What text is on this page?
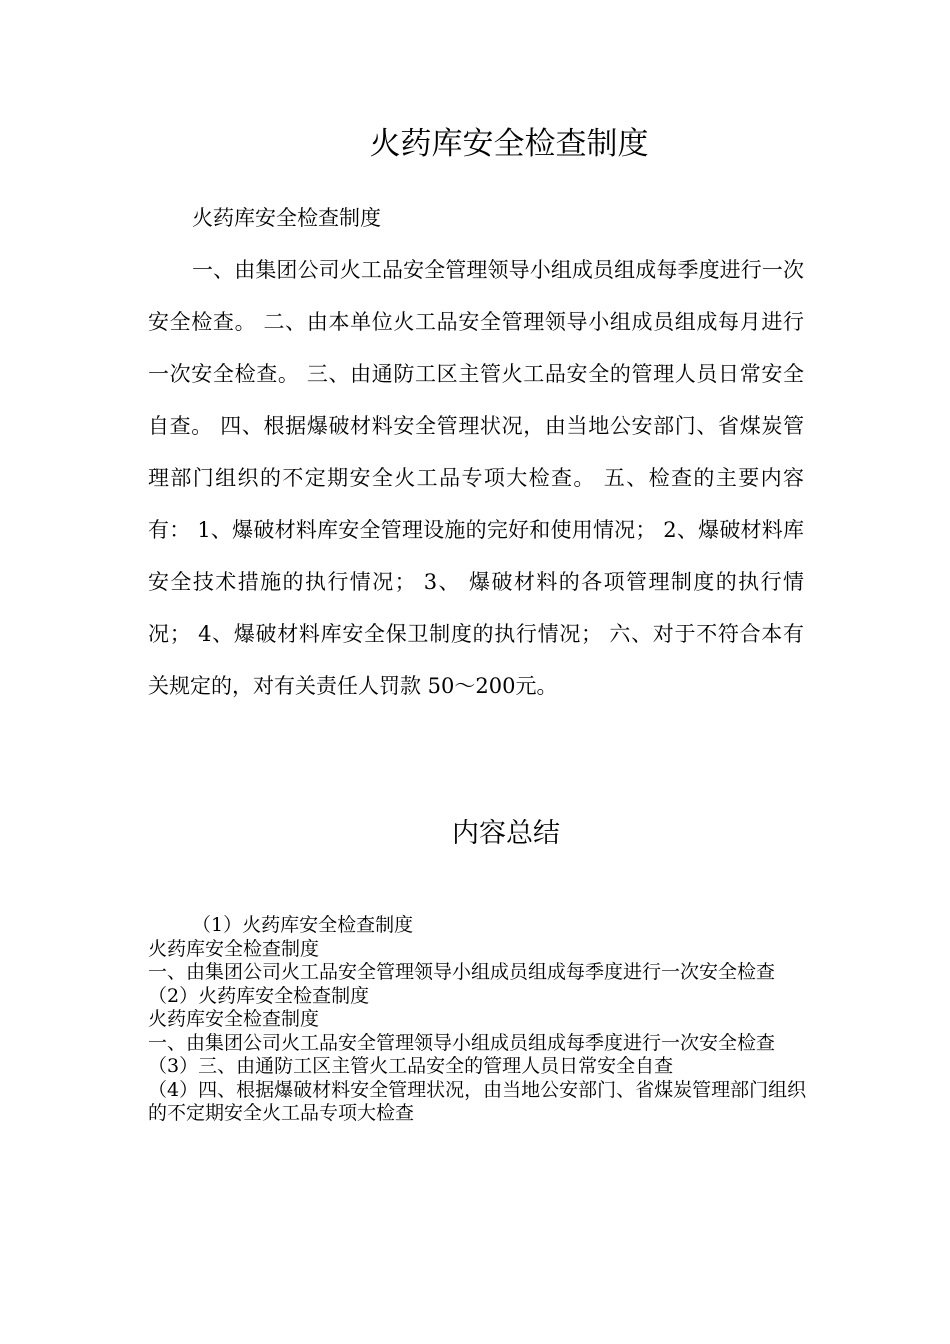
火药库安全检查制度

火药库安全检查制度

一、由集团公司火工品安全管理领导小组成员组成每季度进行一次安全检查。 二、由本单位火工品安全管理领导小组成员组成每月进行一次安全检查。 三、由通防工区主管火工品安全的管理人员日常安全自查。 四、根据爆破材料安全管理状况，由当地公安部门、省煤炭管理部门组织的不定期安全火工品专项大检查。 五、检查的主要内容有： 1、爆破材料库安全管理设施的完好和使用情况； 2、爆破材料库安全技术措施的执行情况； 3、 爆破材料的各项管理制度的执行情况； 4、爆破材料库安全保卫制度的执行情况； 六、对于不符合本有关规定的，对有关责任人罚款 50～200元。

内容总结

（1）火药库安全检查制度

火药库安全检查制度

一、由集团公司火工品安全管理领导小组成员组成每季度进行一次安全检查

（2）火药库安全检查制度

火药库安全检查制度

一、由集团公司火工品安全管理领导小组成员组成每季度进行一次安全检查

（3）三、由通防工区主管火工品安全的管理人员日常安全自查

（4）四、根据爆破材料安全管理状况，由当地公安部门、省煤炭管理部门组织的不定期安全火工品专项大检查
